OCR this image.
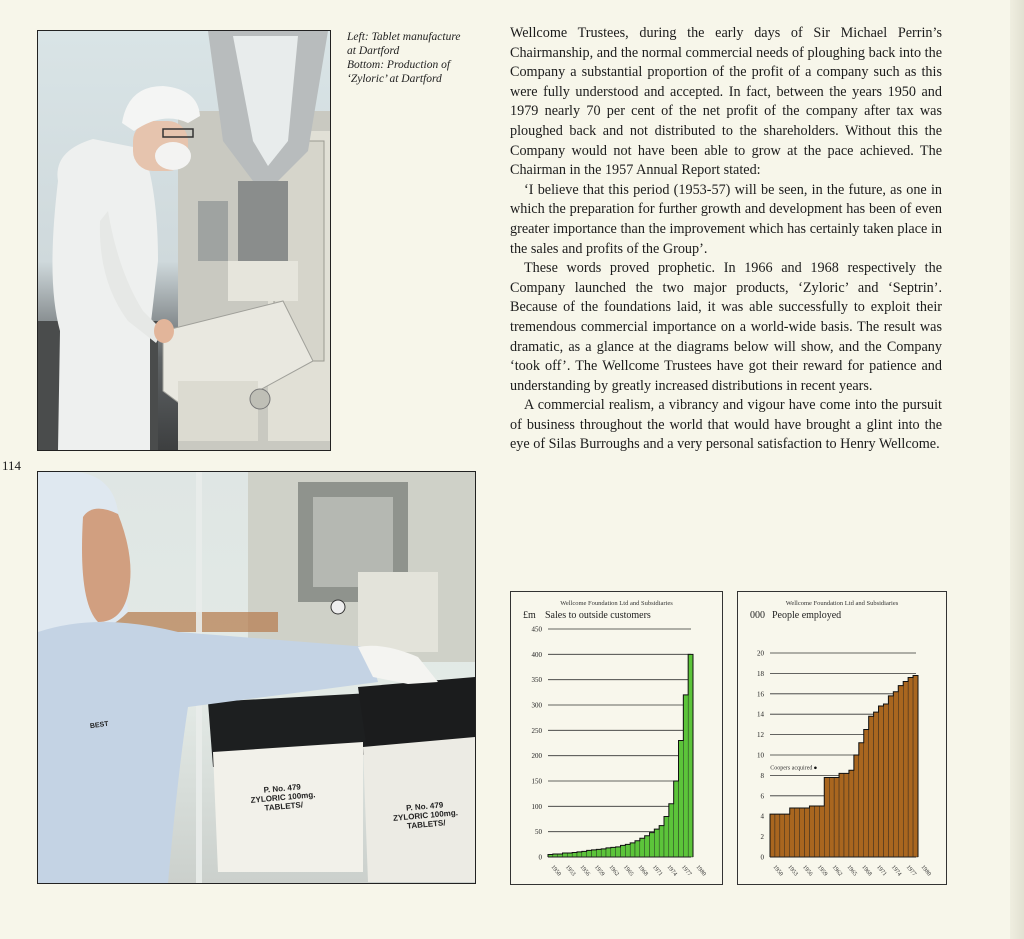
Left: Tablet manufacture
at Dartford
Bottom: Production of
‘Zyloric’ at Dartford
114
P. No. 479
ZYLORIC 100mg.
TABLETS/	P. No. 479
ZYLORIC 100mg.
TABLETS/
BEST

Wellcome Trustees, during the early days of Sir Michael Perrin’s Chairmanship, and the normal commercial needs of ploughing back into the Company a substantial proportion of the profit of a company such as this were fully understood and accepted. In fact, between the years 1950 and 1979 nearly 70 per cent of the net profit of the company after tax was ploughed back and not distributed to the shareholders. Without this the Company would not have been able to grow at the pace achieved. The Chairman in the 1957 Annual Report stated:

‘I believe that this period (1953-57) will be seen, in the future, as one in which the preparation for further growth and development has been of even greater importance than the improvement which has certainly taken place in the sales and profits of the Group’.

These words proved prophetic. In 1966 and 1968 respectively the Company launched the two major products, ‘Zyloric’ and ‘Septrin’. Because of the foundations laid, it was able successfully to exploit their tremendous commercial importance on a world-wide basis. The result was dramatic, as a glance at the diagrams below will show, and the Company ‘took off’. The Wellcome Trustees have got their reward for patience and understanding by greatly increased distributions in recent years.

A commercial realism, a vibrancy and vigour have come into the pursuit of business throughout the world that would have brought a glint into the eye of Silas Burroughs and a very personal satisfaction to Henry Wellcome.

Wellcome Foundation Ltd and Subsidiaries
£m Sales to outside customers
0
50
100
150
200
250
300
350
400
450
1950 1953 1956 1959 1962 1965 1968 1971 1974 1977 1980
Wellcome Foundation Ltd and Subsidiaries
000 People employed
0
2
4
6
8
10
12
14
16
18
20
1950 1953 1956 1959 1962 1965 1968 1971 1974 1977 1980
Coopers acquired
